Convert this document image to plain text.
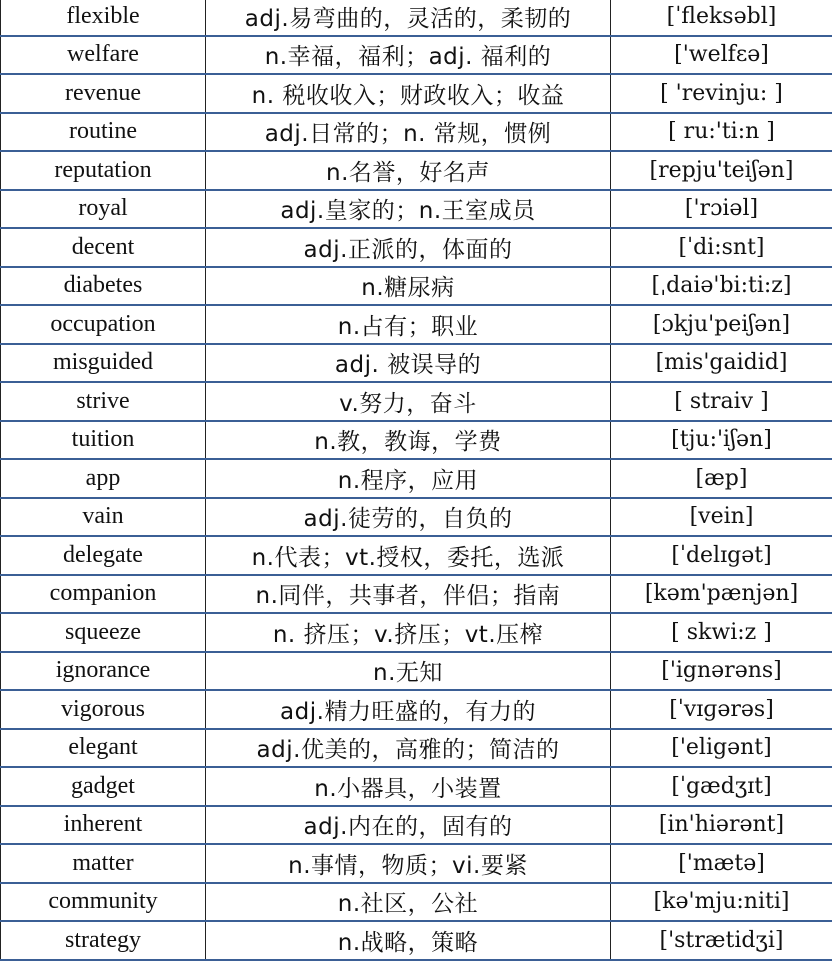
flexible	adj.易弯曲的，灵活的，柔韧的	[ˈfleksəbl]
welfare	n.幸福，福利；adj. 福利的	['welfɛə]
revenue	n. 税收收入；财政收入；收益	[ 'revinju: ]
routine	adj.日常的；n. 常规，惯例	[ ru:'ti:n ]
reputation	n.名誉，好名声	[repju'teiʃən]
royal	adj.皇家的；n.王室成员	['rɔiəl]
decent	adj.正派的，体面的	[ˈdi:snt]
diabetes	n.糖尿病	[ˌdaiə'bi:ti:z]
occupation	n.占有；职业	[ɔkju'peiʃən]
misguided	adj. 被误导的	[mis'gaidid]
strive	v.努力，奋斗	[ straiv ]
tuition	n.教，教诲，学费	[tju:'iʃən]
app	n.程序，应用	[æp]
vain	adj.徒劳的，自负的	[vein]
delegate	n.代表；vt.授权，委托，选派	[ˈdelɪgət]
companion	n.同伴，共事者，伴侣；指南	[kəm'pænjən]
squeeze	n. 挤压；v.挤压；vt.压榨	[ skwi:z ]
ignorance	n.无知	['ignərəns]
vigorous	adj.精力旺盛的，有力的	[ˈvɪɡərəs]
elegant	adj.优美的，高雅的；简洁的	['eligənt]
gadget	n.小器具，小装置	[ˈgædʒɪt]
inherent	adj.内在的，固有的	[in'hiərənt]
matter	n.事情，物质；vi.要紧	['mætə]
community	n.社区，公社	[kə'mju:niti]
strategy	n.战略，策略	['strætidʒi]
